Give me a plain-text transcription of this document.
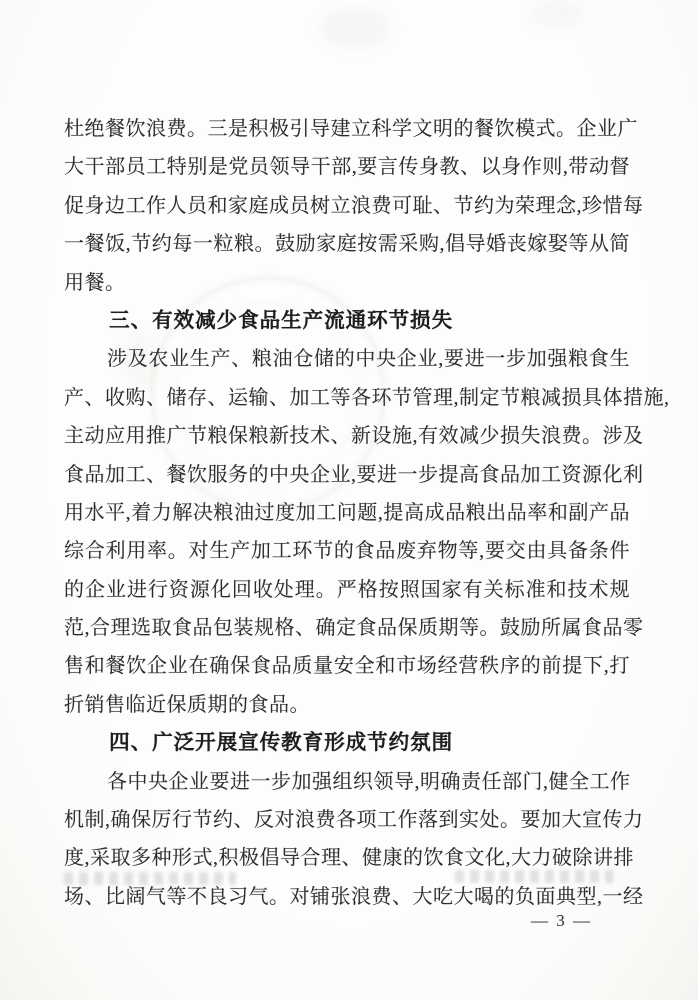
杜绝餐饮浪费。三是积极引导建立科学文明的餐饮模式。企业广
大干部员工特别是党员领导干部,要言传身教、以身作则,带动督
促身边工作人员和家庭成员树立浪费可耻、节约为荣理念,珍惜每
一餐饭,节约每一粒粮。鼓励家庭按需采购,倡导婚丧嫁娶等从简
用餐。
三、有效减少食品生产流通环节损失
涉及农业生产、粮油仓储的中央企业,要进一步加强粮食生
产、收购、储存、运输、加工等各环节管理,制定节粮减损具体措施,
主动应用推广节粮保粮新技术、新设施,有效减少损失浪费。涉及
食品加工、餐饮服务的中央企业,要进一步提高食品加工资源化利
用水平,着力解决粮油过度加工问题,提高成品粮出品率和副产品
综合利用率。对生产加工环节的食品废弃物等,要交由具备条件
的企业进行资源化回收处理。严格按照国家有关标准和技术规
范,合理选取食品包装规格、确定食品保质期等。鼓励所属食品零
售和餐饮企业在确保食品质量安全和市场经营秩序的前提下,打
折销售临近保质期的食品。
四、广泛开展宣传教育形成节约氛围
各中央企业要进一步加强组织领导,明确责任部门,健全工作
机制,确保厉行节约、反对浪费各项工作落到实处。要加大宣传力
度,采取多种形式,积极倡导合理、健康的饮食文化,大力破除讲排
场、比阔气等不良习气。对铺张浪费、大吃大喝的负面典型,一经
— 3 —
